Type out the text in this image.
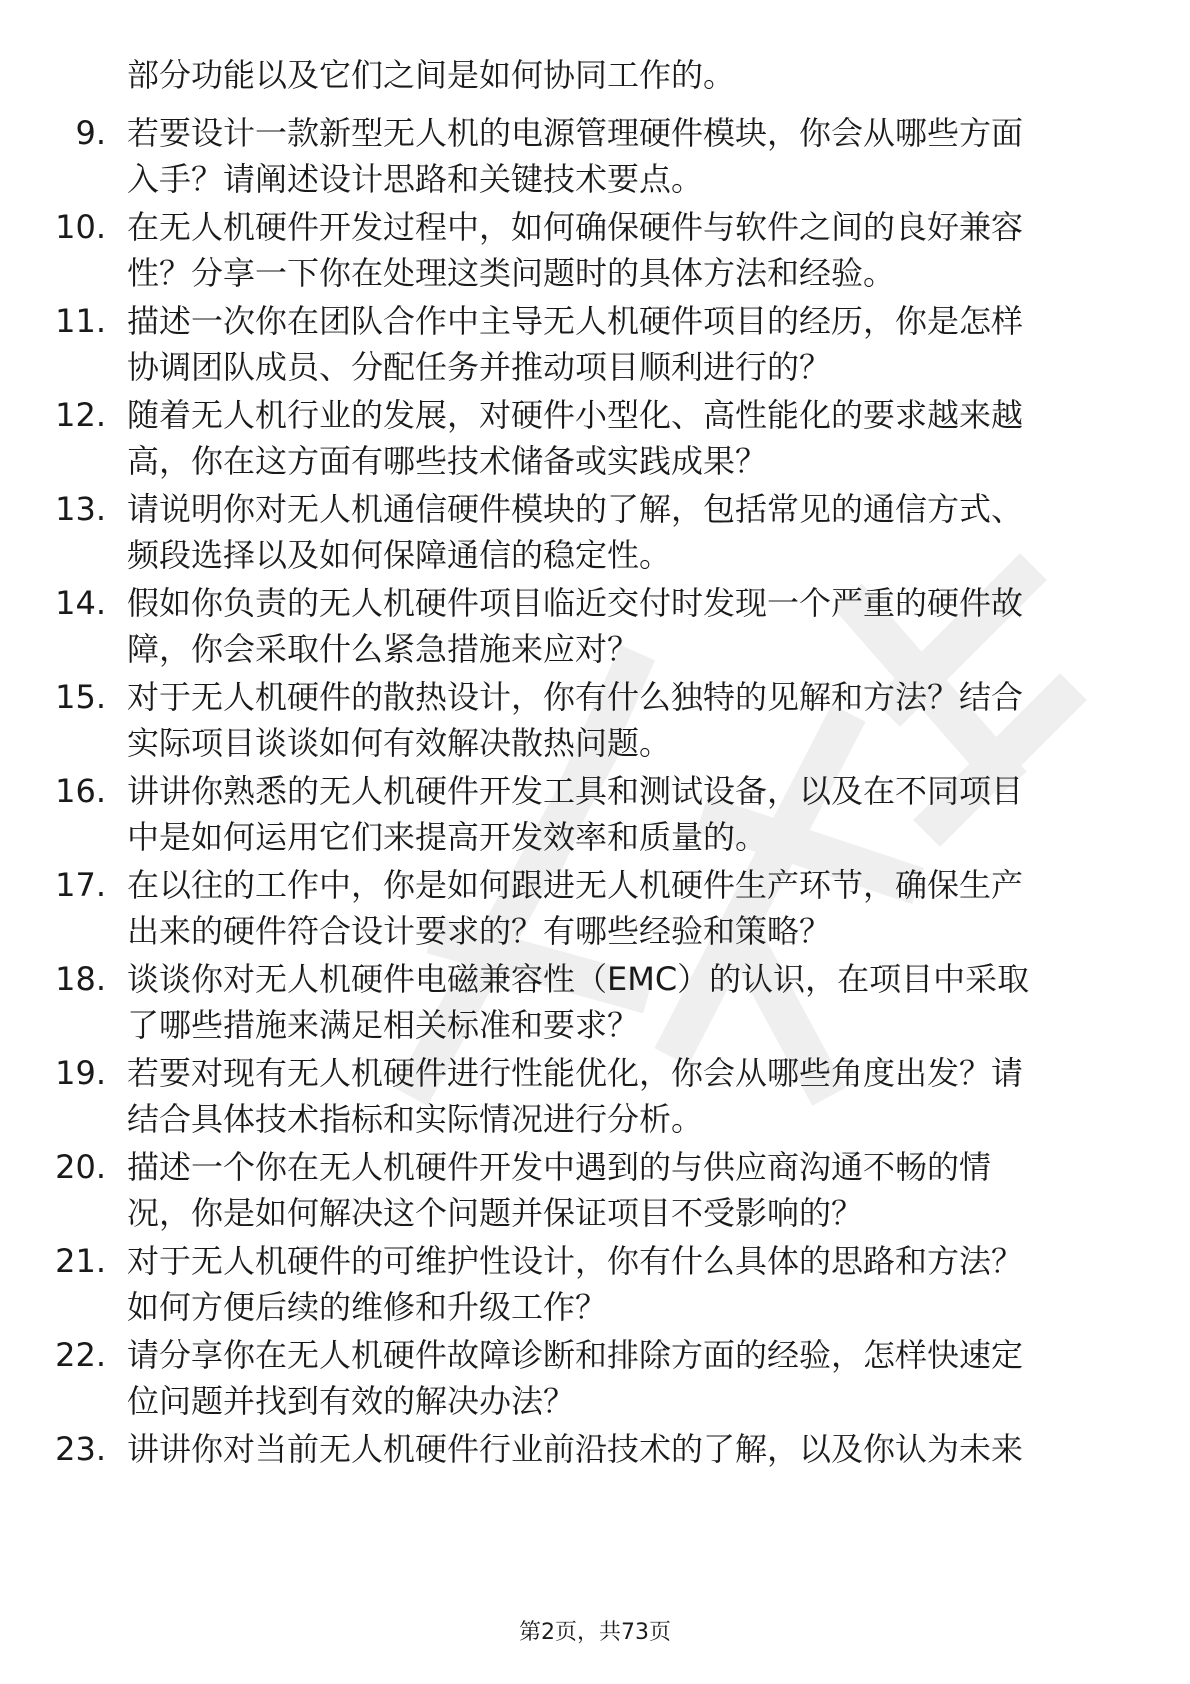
部分功能以及它们之间是如何协同工作的。
9. 若要设计一款新型无人机的电源管理硬件模块，你会从哪些方面
入手？请阐述设计思路和关键技术要点。
10. 在无人机硬件开发过程中，如何确保硬件与软件之间的良好兼容
性？分享一下你在处理这类问题时的具体方法和经验。
11. 描述一次你在团队合作中主导无人机硬件项目的经历，你是怎样
协调团队成员、分配任务并推动项目顺利进行的？
12. 随着无人机行业的发展，对硬件小型化、高性能化的要求越来越
高，你在这方面有哪些技术储备或实践成果？
13. 请说明你对无人机通信硬件模块的了解，包括常见的通信方式、
频段选择以及如何保障通信的稳定性。
14. 假如你负责的无人机硬件项目临近交付时发现一个严重的硬件故
障，你会采取什么紧急措施来应对？
15. 对于无人机硬件的散热设计，你有什么独特的见解和方法？结合
实际项目谈谈如何有效解决散热问题。
16. 讲讲你熟悉的无人机硬件开发工具和测试设备，以及在不同项目
中是如何运用它们来提高开发效率和质量的。
17. 在以往的工作中，你是如何跟进无人机硬件生产环节，确保生产
出来的硬件符合设计要求的？有哪些经验和策略？
18. 谈谈你对无人机硬件电磁兼容性（EMC）的认识，在项目中采取
了哪些措施来满足相关标准和要求？
19. 若要对现有无人机硬件进行性能优化，你会从哪些角度出发？请
结合具体技术指标和实际情况进行分析。
20. 描述一个你在无人机硬件开发中遇到的与供应商沟通不畅的情
况，你是如何解决这个问题并保证项目不受影响的？
21. 对于无人机硬件的可维护性设计，你有什么具体的思路和方法？
如何方便后续的维修和升级工作？
22. 请分享你在无人机硬件故障诊断和排除方面的经验，怎样快速定
位问题并找到有效的解决办法？
23. 讲讲你对当前无人机硬件行业前沿技术的了解，以及你认为未来
第2页，共73页
